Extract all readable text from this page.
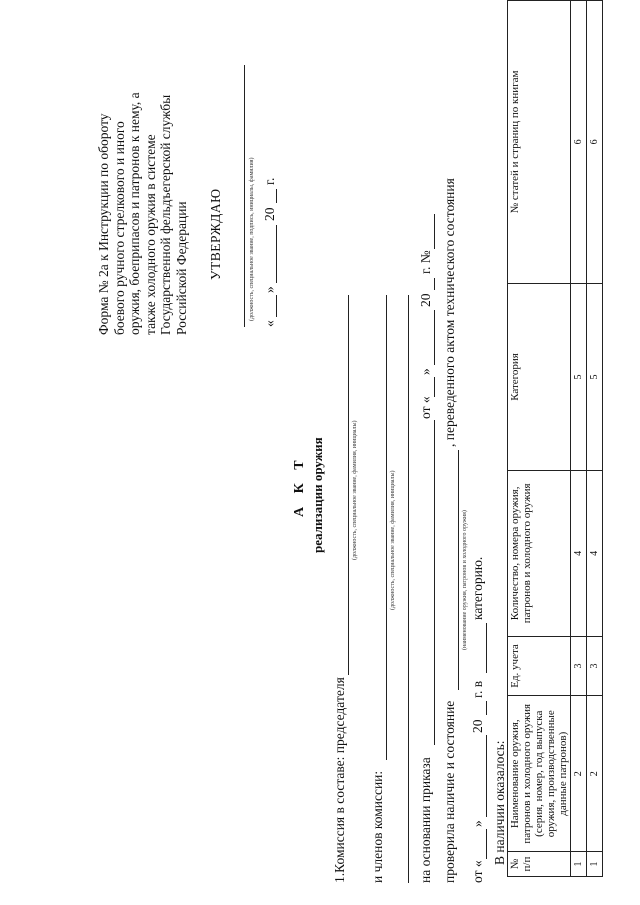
Форма № 2а к Инструкции по обороту боевого ручного стрелкового и иного оружия, боеприпасов и патронов к нему, а также холодного оружия в системе Государственной фельдъегерской службы Российской Федерации УТВЕРЖДАЮ	(должность, специальное звание, подпись, инициалы, фамилия)
«
»
20
г.
А К Т реализации оружия
1.Комиссия в составе: председателя
(должность, специальное звание, фамилия, инициалы)
и членов комиссии:
(должность, специальное звание, фамилия, инициалы)
на основании приказа
от «
»
20
г. №
проверила наличие и состояние
(наименование оружия, патронов и холодного оружия)
, переведенного актом технического состояния
от «
»
20
г. в
категорию.
В наличии оказалось: № п/п	Наименование оружия, патронов и холодного оружия (серия, номер, год выпуска оружия, производственные данные патронов)	Ед. учета	Количество, номера оружия, патронов и холодного оружия	Категория	№ статей и страниц по книгам
1	2	3	4	5	6
1	2	3	4	5	6
